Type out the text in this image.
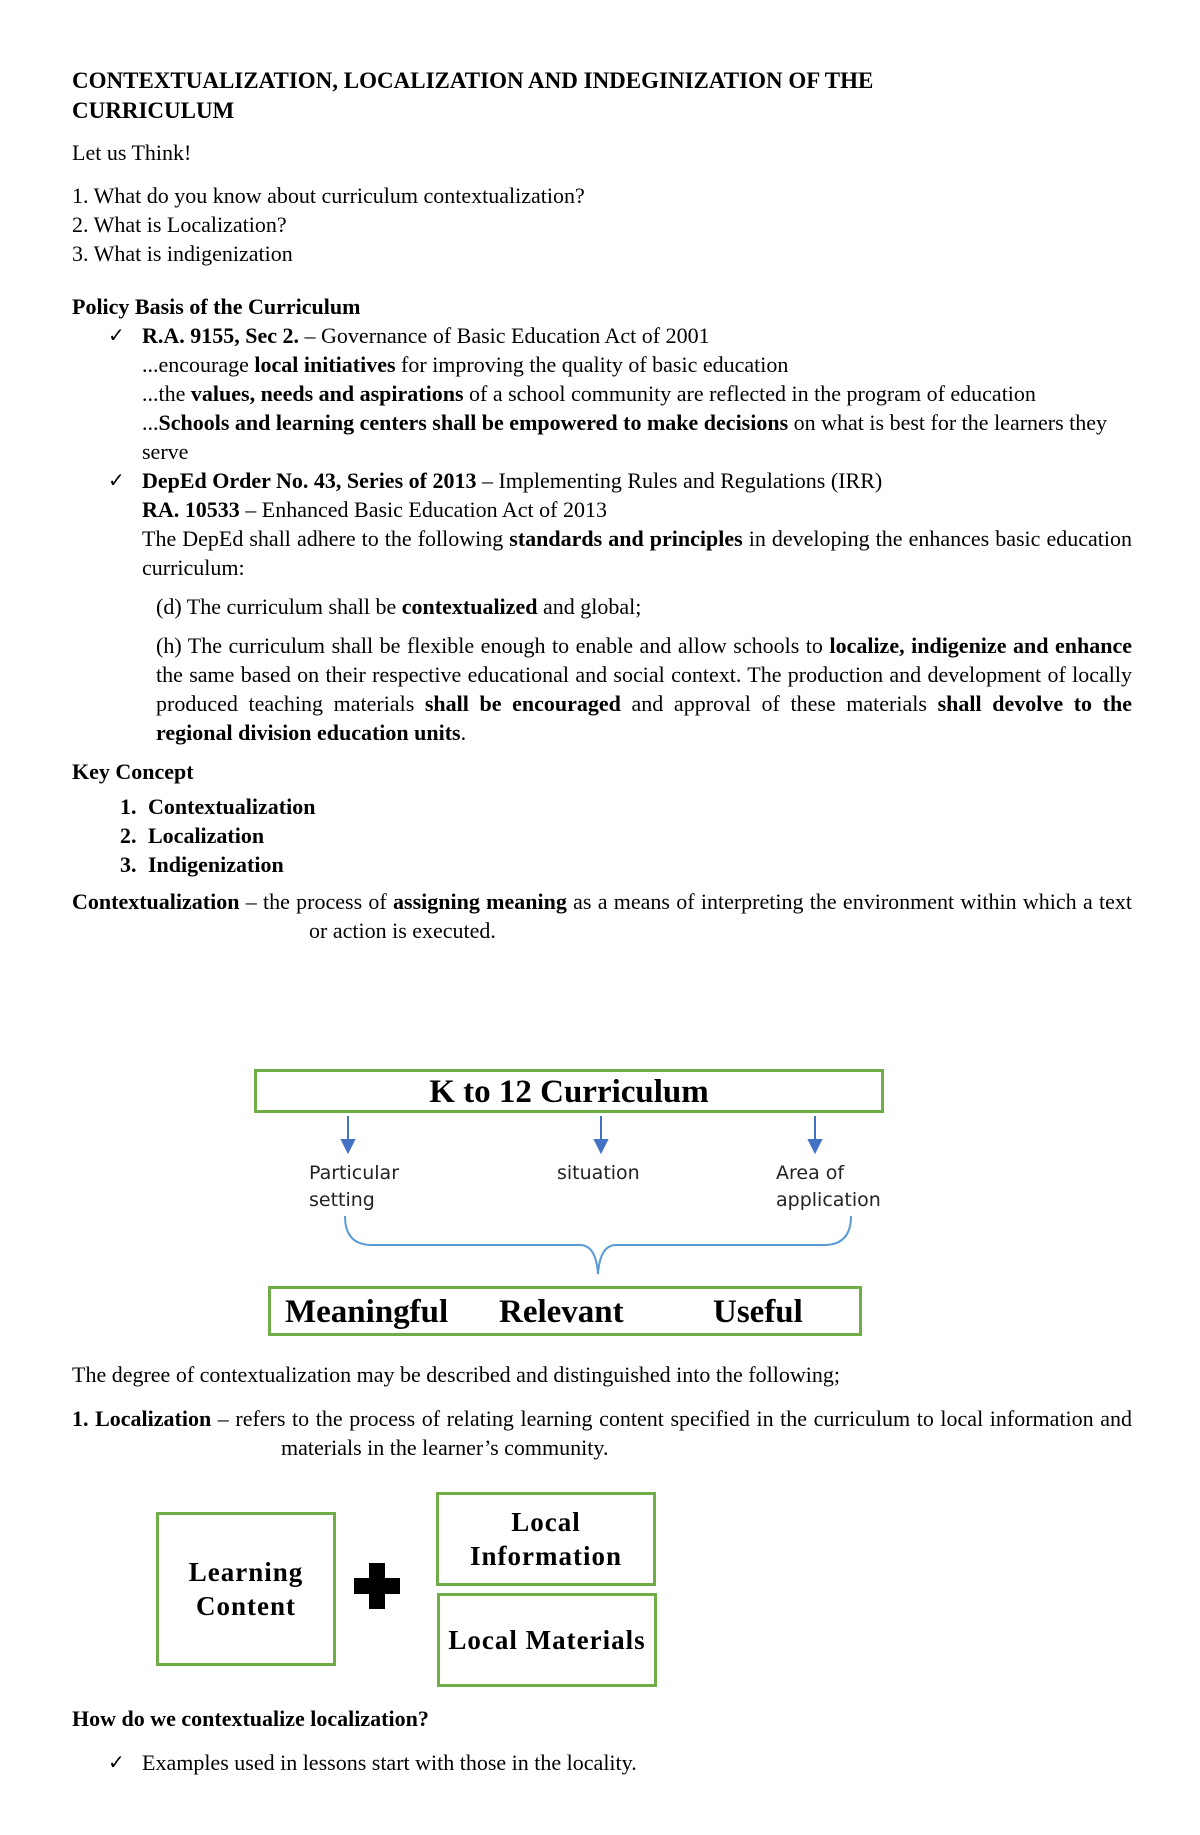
CONTEXTUALIZATION, LOCALIZATION AND INDEGINIZATION OF THE CURRICULUM

Let us Think!

1. What do you know about curriculum contextualization?

2. What is Localization?

3. What is indigenization

Policy Basis of the Curriculum

✓ R.A. 9155, Sec 2. – Governance of Basic Education Act of 2001

...encourage local initiatives for improving the quality of basic education

...the values, needs and aspirations of a school community are reflected in the program of education

...Schools and learning centers shall be empowered to make decisions on what is best for the learners they serve

✓ DepEd Order No. 43, Series of 2013 – Implementing Rules and Regulations (IRR)

RA. 10533 – Enhanced Basic Education Act of 2013

The DepEd shall adhere to the following standards and principles in developing the enhances basic education curriculum:

(d) The curriculum shall be contextualized and global;

(h) The curriculum shall be flexible enough to enable and allow schools to localize, indigenize and enhance the same based on their respective educational and social context. The production and development of locally produced teaching materials shall be encouraged and approval of these materials shall devolve to the regional division education units.

Key Concept

1. Contextualization
2. Localization
3. Indigenization

Contextualization – the process of assigning meaning as a means of interpreting the environment within which a text or action is executed.

K to 12 Curriculum
Particular setting
situation	Area of application
Meaningful Relevant	Useful

The degree of contextualization may be described and distinguished into the following;

1. Localization – refers to the process of relating learning content specified in the curriculum to local information and materials in the learner’s community.

Learning Content
Local Information
Local Materials

How do we contextualize localization?

✓ Examples used in lessons start with those in the locality.
